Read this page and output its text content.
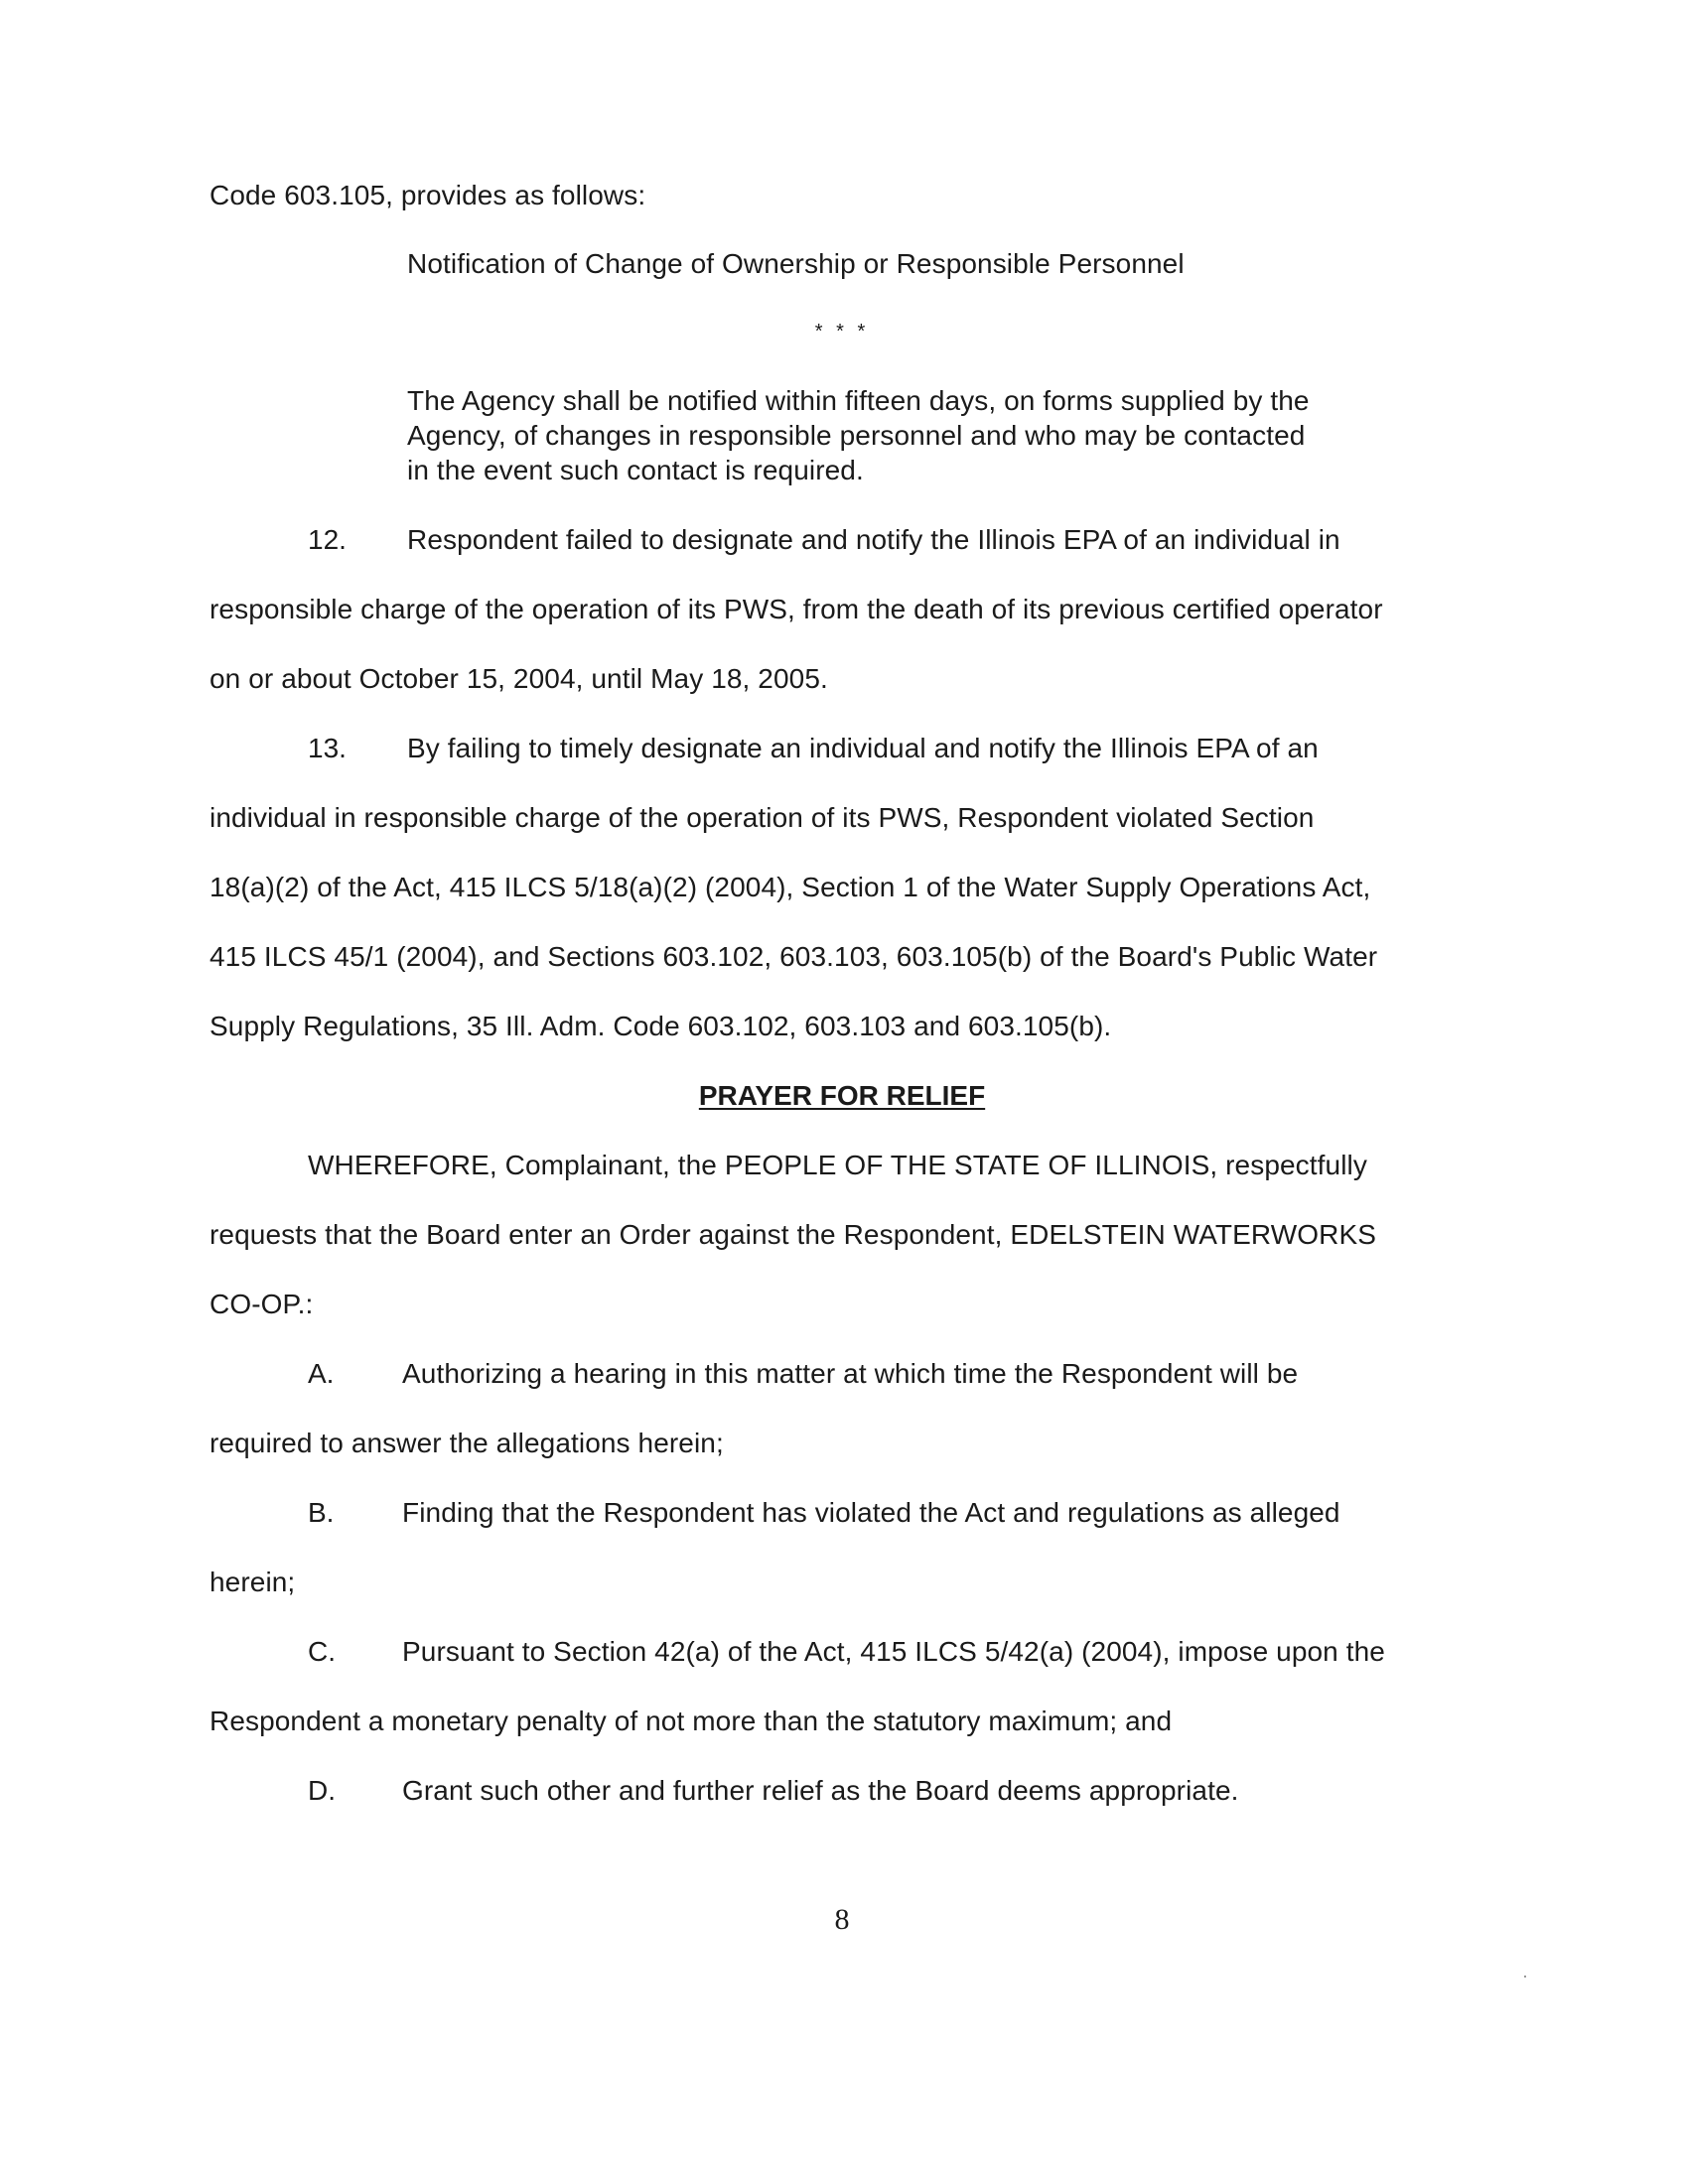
Code 603.105, provides as follows:
Notification of Change of Ownership or Responsible Personnel
* * *
The Agency shall be notified within fifteen days, on forms supplied by the
Agency, of changes in responsible personnel and who may be contacted
in the event such contact is required.
12. Respondent failed to designate and notify the Illinois EPA of an individual in
responsible charge of the operation of its PWS, from the death of its previous certified operator
on or about October 15, 2004, until May 18, 2005.
13. By failing to timely designate an individual and notify the Illinois EPA of an
individual in responsible charge of the operation of its PWS, Respondent violated Section
18(a)(2) of the Act, 415 ILCS 5/18(a)(2) (2004), Section 1 of the Water Supply Operations Act,
415 ILCS 45/1 (2004), and Sections 603.102, 603.103, 603.105(b) of the Board's Public Water
Supply Regulations, 35 Ill. Adm. Code 603.102, 603.103 and 603.105(b).
PRAYER FOR RELIEF
WHEREFORE, Complainant, the PEOPLE OF THE STATE OF ILLINOIS, respectfully
requests that the Board enter an Order against the Respondent, EDELSTEIN WATERWORKS
CO-OP.:
A. Authorizing a hearing in this matter at which time the Respondent will be
required to answer the allegations herein;
B. Finding that the Respondent has violated the Act and regulations as alleged
herein;
C. Pursuant to Section 42(a) of the Act, 415 ILCS 5/42(a) (2004), impose upon the
Respondent a monetary penalty of not more than the statutory maximum; and
D. Grant such other and further relief as the Board deems appropriate.
8
